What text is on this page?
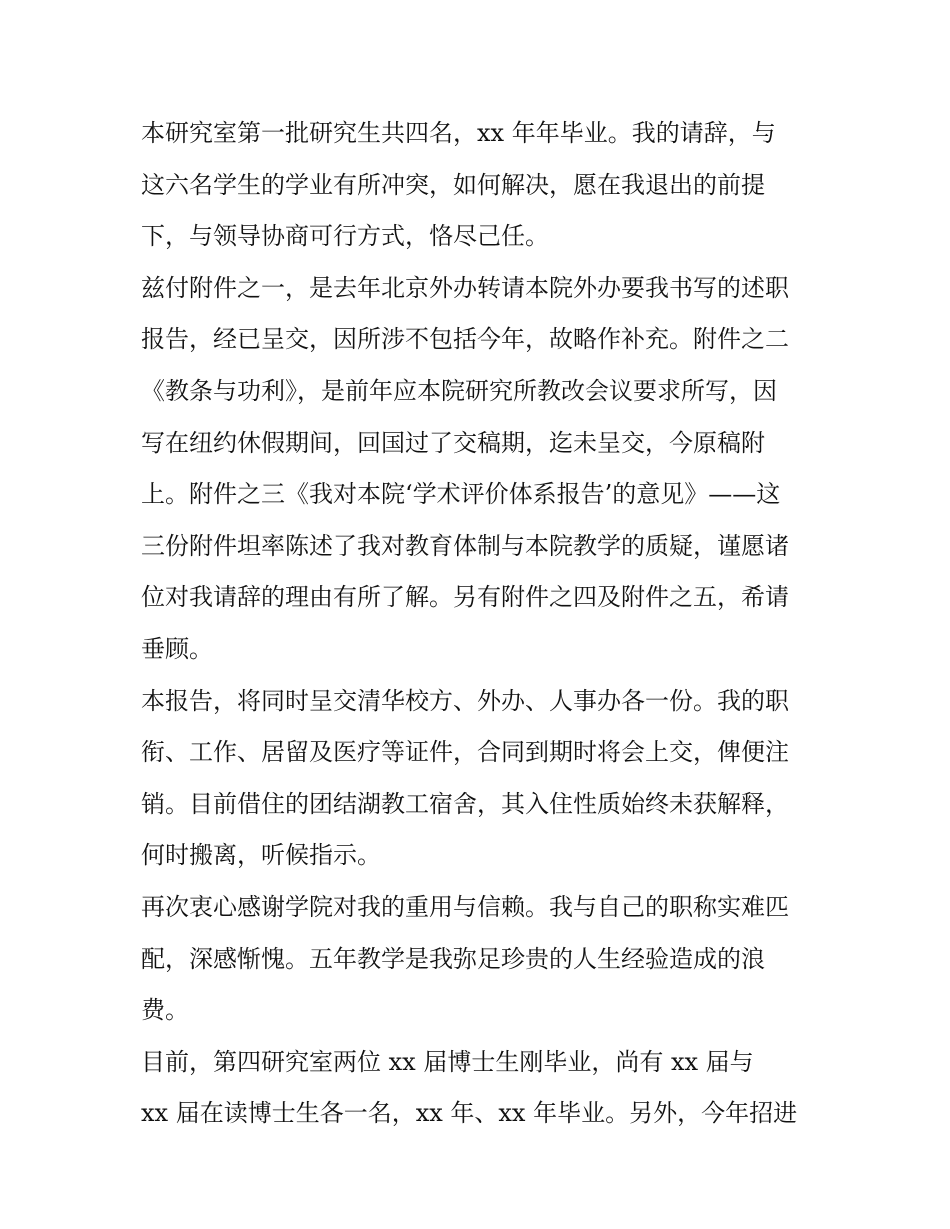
本研究室第一批研究生共四名，xx 年年毕业。我的请辞，与
这六名学生的学业有所冲突，如何解决，愿在我退出的前提
下，与领导协商可行方式，恪尽己任。
兹付附件之一，是去年北京外办转请本院外办要我书写的述职
报告，经已呈交，因所涉不包括今年，故略作补充。附件之二
《教条与功利》，是前年应本院研究所教改会议要求所写，因
写在纽约休假期间，回国过了交稿期，迄未呈交，今原稿附
上。附件之三《我对本院‘学术评价体系报告’的意见》——这
三份附件坦率陈述了我对教育体制与本院教学的质疑，谨愿诸
位对我请辞的理由有所了解。另有附件之四及附件之五，希请
垂顾。
本报告，将同时呈交清华校方、外办、人事办各一份。我的职
衔、工作、居留及医疗等证件，合同到期时将会上交，俾便注
销。目前借住的团结湖教工宿舍，其入住性质始终未获解释，
何时搬离，听候指示。
再次衷心感谢学院对我的重用与信赖。我与自己的职称实难匹
配，深感惭愧。五年教学是我弥足珍贵的人生经验造成的浪
费。
目前，第四研究室两位 xx 届博士生刚毕业，尚有 xx 届与
xx 届在读博士生各一名，xx 年、xx 年毕业。另外，今年招进
